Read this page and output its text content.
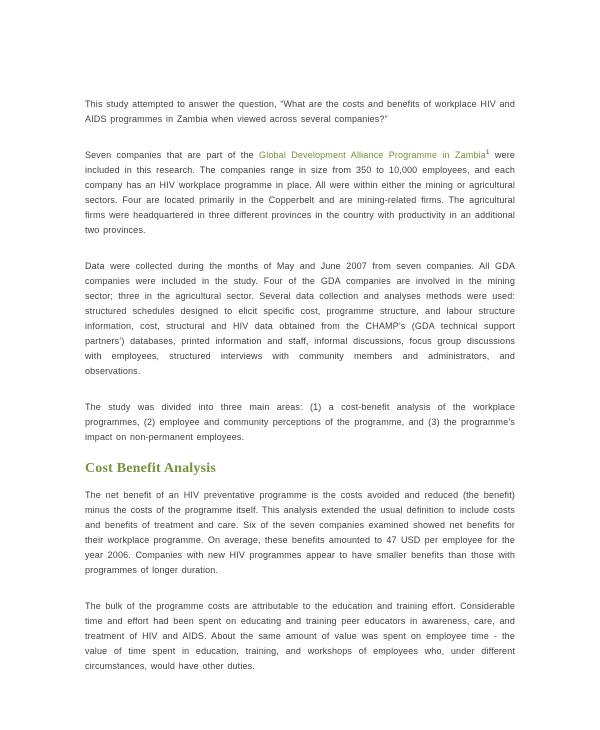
This study attempted to answer the question, “What are the costs and benefits of workplace HIV and AIDS programmes in Zambia when viewed across several companies?”

Seven companies that are part of the Global Development Alliance Programme in Zambia$^1$ were included in this research. The companies range in size from 350 to 10,000 employees, and each company has an HIV workplace programme in place. All were within either the mining or agricultural sectors. Four are located primarily in the Copperbelt and are mining-related firms. The agricultural firms were headquartered in three different provinces in the country with productivity in an additional two provinces.

Data were collected during the months of May and June 2007 from seven companies. All GDA companies were included in the study. Four of the GDA companies are involved in the mining sector; three in the agricultural sector. Several data collection and analyses methods were used: structured schedules designed to elicit specific cost, programme structure, and labour structure information, cost, structural and HIV data obtained from the CHAMP’s (GDA technical support partners’) databases, printed information and staff, informal discussions, focus group discussions with employees, structured interviews with community members and administrators, and observations.

The study was divided into three main areas: (1) a cost-benefit analysis of the workplace programmes, (2) employee and community perceptions of the programme, and (3) the programme’s impact on non-permanent employees.

Cost Benefit Analysis

The net benefit of an HIV preventative programme is the costs avoided and reduced (the benefit) minus the costs of the programme itself. This analysis extended the usual definition to include costs and benefits of treatment and care. Six of the seven companies examined showed net benefits for their workplace programme. On average, these benefits amounted to 47 USD per employee for the year 2006. Companies with new HIV programmes appear to have smaller benefits than those with programmes of longer duration.

The bulk of the programme costs are attributable to the education and training effort. Considerable time and effort had been spent on educating and training peer educators in awareness, care, and treatment of HIV and AIDS. About the same amount of value was spent on employee time - the value of time spent in education, training, and workshops of employees who, under different circumstances, would have other duties.
